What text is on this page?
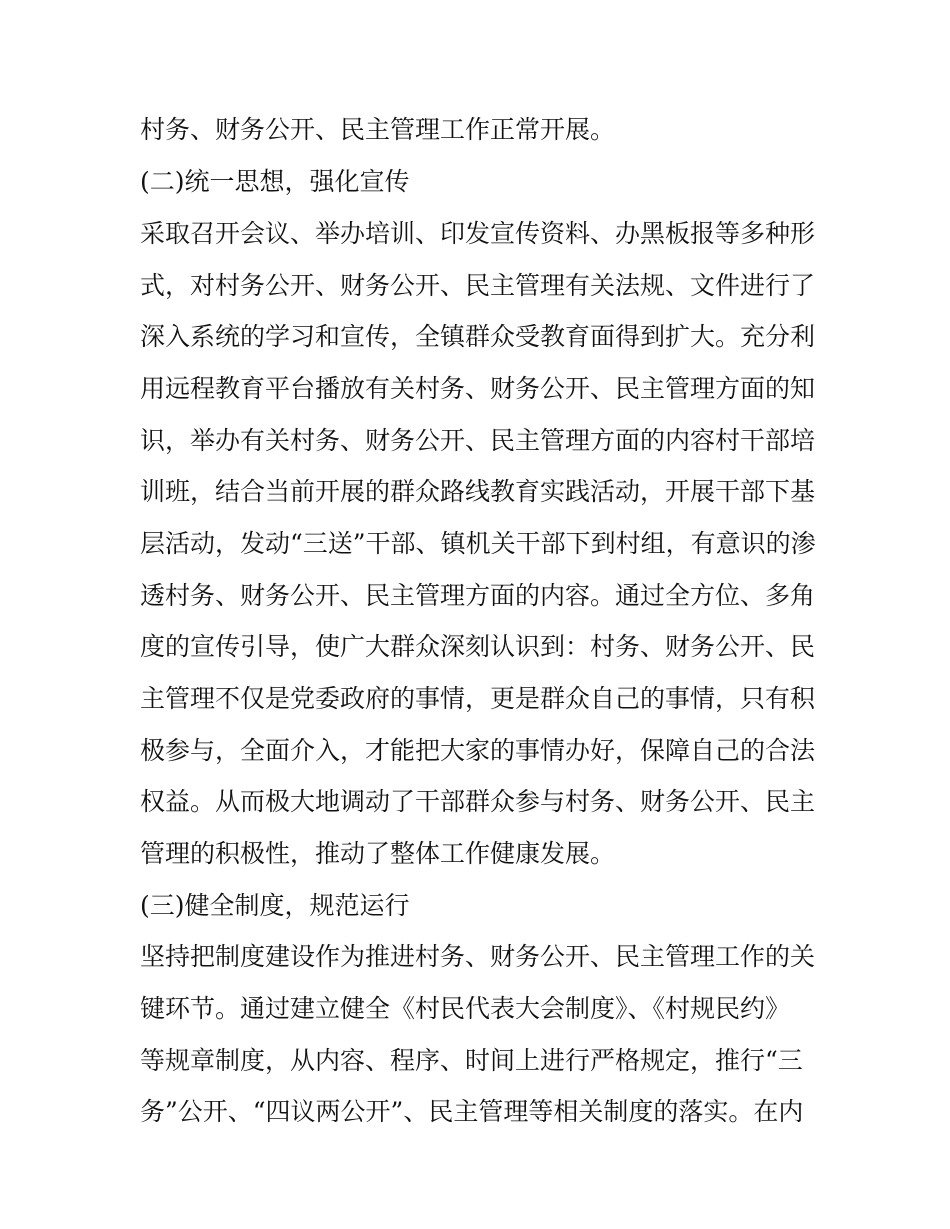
村务、财务公开、民主管理工作正常开展。
(二)统一思想，强化宣传
采取召开会议、举办培训、印发宣传资料、办黑板报等多种形
式，对村务公开、财务公开、民主管理有关法规、文件进行了
深入系统的学习和宣传，全镇群众受教育面得到扩大。充分利
用远程教育平台播放有关村务、财务公开、民主管理方面的知
识，举办有关村务、财务公开、民主管理方面的内容村干部培
训班，结合当前开展的群众路线教育实践活动，开展干部下基
层活动，发动“三送”干部、镇机关干部下到村组，有意识的渗
透村务、财务公开、民主管理方面的内容。通过全方位、多角
度的宣传引导，使广大群众深刻认识到：村务、财务公开、民
主管理不仅是党委政府的事情，更是群众自己的事情，只有积
极参与，全面介入，才能把大家的事情办好，保障自己的合法
权益。从而极大地调动了干部群众参与村务、财务公开、民主
管理的积极性，推动了整体工作健康发展。
(三)健全制度，规范运行
坚持把制度建设作为推进村务、财务公开、民主管理工作的关
键环节。通过建立健全《村民代表大会制度》、《村规民约》
等规章制度，从内容、程序、时间上进行严格规定，推行“三
务”公开、“四议两公开”、民主管理等相关制度的落实。在内
